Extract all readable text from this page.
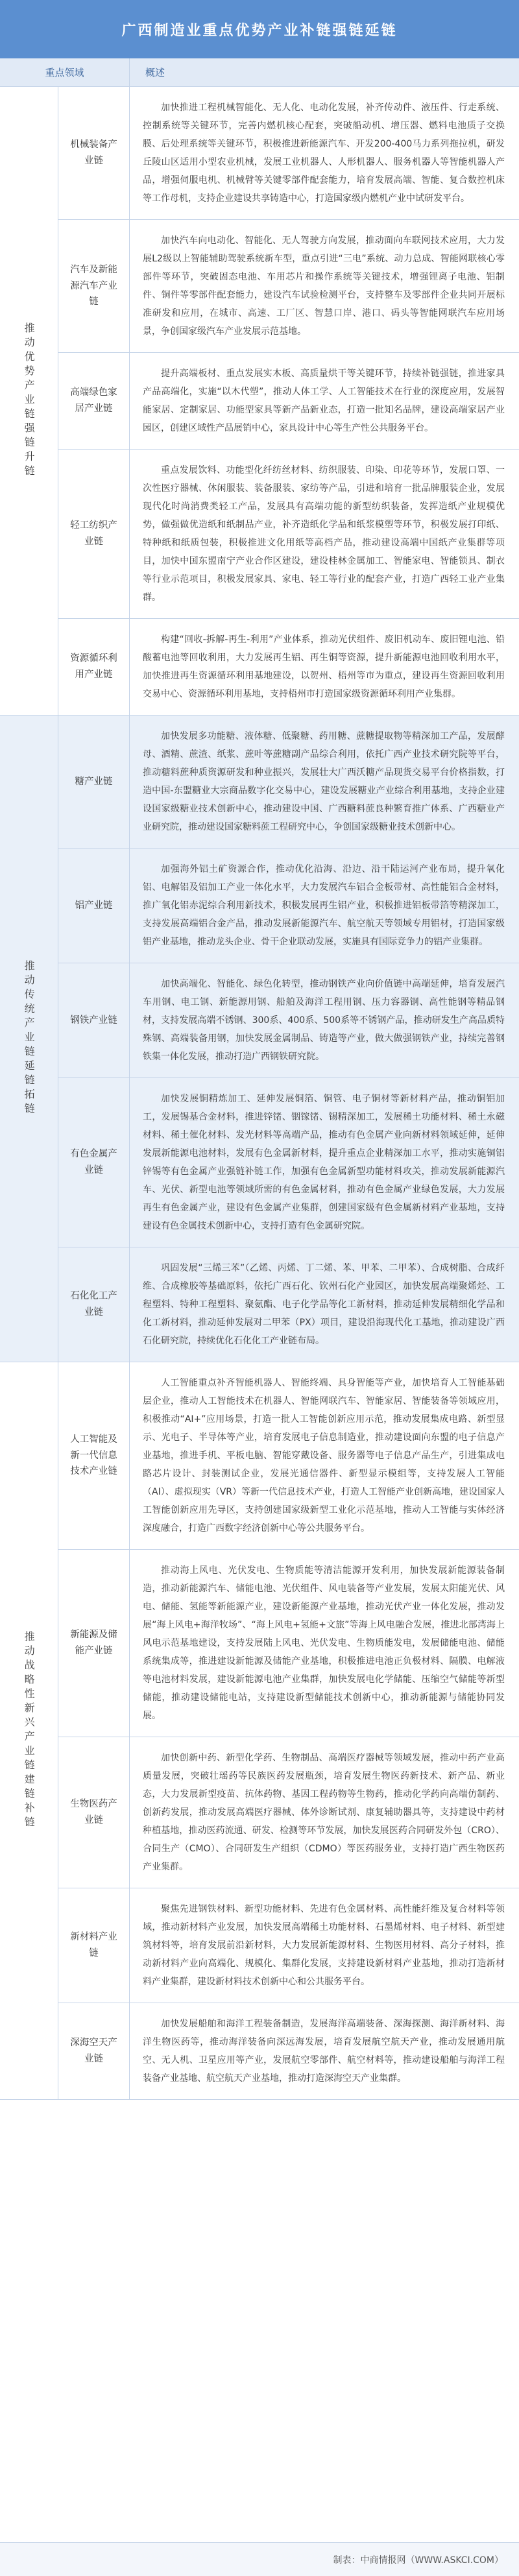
广西制造业重点优势产业补链强链延链
重点领域	概述
推动优势产业链强链升链
机械装备产业链
加快推进工程机械智能化、无人化、电动化发展，补齐传动件、液压件、行走系统、控制系统等关键环节，完善内燃机核心配套，突破船动机、增压器、燃料电池质子交换膜、后处理系统等关键环节，积极推进新能源汽车、开发200-400马力系列拖拉机，研发丘陵山区适用小型农业机械，发展工业机器人、人形机器人、服务机器人等智能机器人产品，增强伺服电机、机械臂等关键零部件配套能力，培育发展高端、智能、复合数控机床等工作母机，支持企业建设共享铸造中心，打造国家级内燃机产业中试研发平台。
汽车及新能源汽车产业链
加快汽车向电动化、智能化、无人驾驶方向发展，推动面向车联网技术应用，大力发展L2级以上智能辅助驾驶系统新车型，重点引进“三电”系统、动力总成、智能网联核心零部件等环节，突破固态电池、车用芯片和操作系统等关键技术，增强锂离子电池、铝制件、铜件等零部件配套能力，建设汽车试验检测平台，支持整车及零部件企业共同开展标准研发和应用，在城市、高速、工厂区、智慧口岸、港口、码头等智能网联汽车应用场景，争创国家级汽车产业发展示范基地。
高端绿色家居产业链
提升高端板材、重点发展实木板、高质量烘干等关键环节，持续补链强链，推进家具产品高端化，实施“以木代塑”，推动人体工学、人工智能技术在行业的深度应用，发展智能家居、定制家居、功能型家具等新产品新业态，打造一批知名品牌，建设高端家居产业园区，创建区域性产品展销中心，家具设计中心等生产性公共服务平台。
轻工纺织产业链
重点发展饮料、功能型化纤纺丝材料、纺织服装、印染、印花等环节，发展口罩、一次性医疗器械、休闲服装、装备服装、家纺等产品，引进和培育一批品牌服装企业，发展现代化时尚消费类轻工产品，发展具有高端功能的新型纺织装备，发挥造纸产业规模优势，做强做优造纸和纸制品产业，补齐造纸化学品和纸浆模塑等环节，积极发展打印纸、特种纸和纸质包装，积极推进文化用纸等高档产品，推动建设高端中国纸产业集群等项目，加快中国东盟南宁产业合作区建设，建设桂林金属加工、智能家电、智能锁具、制衣等行业示范项目，积极发展家具、家电、轻工等行业的配套产业，打造广西轻工业产业集群。
资源循环利用产业链
构建“回收-拆解-再生-利用”产业体系，推动光伏组件、废旧机动车、废旧锂电池、铅酸蓄电池等回收利用，大力发展再生铝、再生铜等资源，提升新能源电池回收利用水平，加快推进再生资源循环利用基地建设，以贺州、梧州等市为重点，建设再生资源回收利用交易中心、资源循环利用基地，支持梧州市打造国家级资源循环利用产业集群。
推动传统产业链延链拓链
糖产业链
加快发展多功能糖、液体糖、低聚糖、药用糖、蔗糖提取物等精深加工产品，发展酵母、酒精、蔗渣、纸浆、蔗叶等蔗糖副产品综合利用，依托广西产业技术研究院等平台，推动糖料蔗种质资源研发和种业振兴，发展壮大广西沃糖产品现货交易平台价格指数，打造中国-东盟糖业大宗商品数字化交易中心，建设发展糖业产业综合利用基地，支持企业建设国家级糖业技术创新中心，推动建设中国、广西糖料蔗良种繁育推广体系、广西糖业产业研究院，推动建设国家糖料蔗工程研究中心，争创国家级糖业技术创新中心。
铝产业链
加强海外铝土矿资源合作，推动优化沿海、沿边、沿干陆运河产业布局，提升氧化铝、电解铝及铝加工产业一体化水平，大力发展汽车铝合金板带材、高性能铝合金材料，推广氧化铝赤泥综合利用新技术，积极发展再生铝产业，积极推进铝板带箔等精深加工，支持发展高端铝合金产品，推动发展新能源汽车、航空航天等领域专用铝材，打造国家级铝产业基地，推动龙头企业、骨干企业联动发展，实施具有国际竞争力的铝产业集群。
钢铁产业链
加快高端化、智能化、绿色化转型，推动钢铁产业向价值链中高端延伸，培育发展汽车用钢、电工钢、新能源用钢、船舶及海洋工程用钢、压力容器钢、高性能钢等精品钢材，支持发展高端不锈钢、300系、400系、500系等不锈钢产品，推动研发生产高品质特殊钢、高端装备用钢，加快发展金属制品、铸造等产业，做大做强钢铁产业，持续完善钢铁集一体化发展，推动打造广西钢铁研究院。
有色金属产业链
加快发展铜精炼加工、延伸发展铜箔、铜管、电子铜材等新材料产品，推动铜铝加工，发展锡基合金材料，推进锌锗、铟镓锗、锡精深加工，发展稀土功能材料、稀土永磁材料、稀土催化材料、发光材料等高端产品，推动有色金属产业向新材料领域延伸，延伸发展新能源电池材料，发展有色金属新材料，提升重点企业精深加工水平，推动实施铜铝锌锡等有色金属产业强链补链工作，加强有色金属新型功能材料攻关，推动发展新能源汽车、光伏、新型电池等领域所需的有色金属材料，推动有色金属产业绿色发展，大力发展再生有色金属产业，建设有色金属产业集群，创建国家级有色金属新材料产业基地，支持建设有色金属技术创新中心，支持打造有色金属研究院。
石化化工产业链
巩固发展“三烯三苯”（乙烯、丙烯、丁二烯、苯、甲苯、二甲苯）、合成树脂、合成纤维、合成橡胶等基础原料，依托广西石化、钦州石化产业园区，加快发展高端聚烯烃、工程塑料、特种工程塑料、聚氨酯、电子化学品等化工新材料，推动延伸发展精细化学品和化工新材料，推动延伸发展对二甲苯（PX）项目，建设沿海现代化工基地，推动建设广西石化研究院，持续优化石化化工产业链布局。
推动战略性新兴产业链建链补链
人工智能及新一代信息技术产业链
人工智能重点补齐智能机器人、智能终端、具身智能等产业，加快培育人工智能基础层企业，推动人工智能技术在机器人、智能网联汽车、智能家居、智能装备等领域应用，积极推动“AI+”应用场景，打造一批人工智能创新应用示范，推动发展集成电路、新型显示、光电子、半导体等产业，培育发展电子信息制造业，推动建设面向东盟的电子信息产业基地，推进手机、平板电脑、智能穿戴设备、服务器等电子信息产品生产，引进集成电路芯片设计、封装测试企业，发展光通信器件、新型显示模组等，支持发展人工智能（AI）、虚拟现实（VR）等新一代信息技术产业，打造人工智能产业创新高地，建设国家人工智能创新应用先导区，支持创建国家级新型工业化示范基地，推动人工智能与实体经济深度融合，打造广西数字经济创新中心等公共服务平台。
新能源及储能产业链
推动海上风电、光伏发电、生物质能等清洁能源开发利用，加快发展新能源装备制造，推动新能源汽车、储能电池、光伏组件、风电装备等产业发展，发展太阳能光伏、风电、储能、氢能等新能源产业，建设新能源产业基地，推动光伏产业一体化发展，推动发展“海上风电+海洋牧场”、“海上风电+氢能+文旅”等海上风电融合发展，推进北部湾海上风电示范基地建设，支持发展陆上风电、光伏发电、生物质能发电，发展储能电池、储能系统集成等，推进建设新能源及储能产业基地，积极推进电池正负极材料、隔膜、电解液等电池材料发展，建设新能源电池产业集群，加快发展电化学储能、压缩空气储能等新型储能，推动建设储能电站，支持建设新型储能技术创新中心，推动新能源与储能协同发展。
生物医药产业链
加快创新中药、新型化学药、生物制品、高端医疗器械等领域发展，推动中药产业高质量发展，突破壮瑶药等民族医药发展瓶颈，培育发展生物医药新技术、新产品、新业态，大力发展新型疫苗、抗体药物、基因工程药物等生物药，推动化学药向高端仿制药、创新药发展，推动发展高端医疗器械、体外诊断试剂、康复辅助器具等，支持建设中药材种植基地，推动医药流通、研发、检测等环节发展，加快发展医药合同研发外包（CRO）、合同生产（CMO）、合同研发生产组织（CDMO）等医药服务业，支持打造广西生物医药产业集群。
新材料产业链
聚焦先进钢铁材料、新型功能材料、先进有色金属材料、高性能纤维及复合材料等领域，推动新材料产业发展，加快发展高端稀土功能材料、石墨烯材料、电子材料、新型建筑材料等，培育发展前沿新材料，大力发展新能源材料、生物医用材料、高分子材料，推动新材料产业向高端化、规模化、集群化发展，支持建设新材料产业基地，推动打造新材料产业集群，建设新材料技术创新中心和公共服务平台。
深海空天产业链
加快发展船舶和海洋工程装备制造，发展海洋高端装备、深海探测、海洋新材料、海洋生物医药等，推动海洋装备向深远海发展，培育发展航空航天产业，推动发展通用航空、无人机、卫星应用等产业，发展航空零部件、航空材料等，推动建设船舶与海洋工程装备产业基地、航空航天产业基地，推动打造深海空天产业集群。
制表：中商情报网（WWW.ASKCI.COM）
